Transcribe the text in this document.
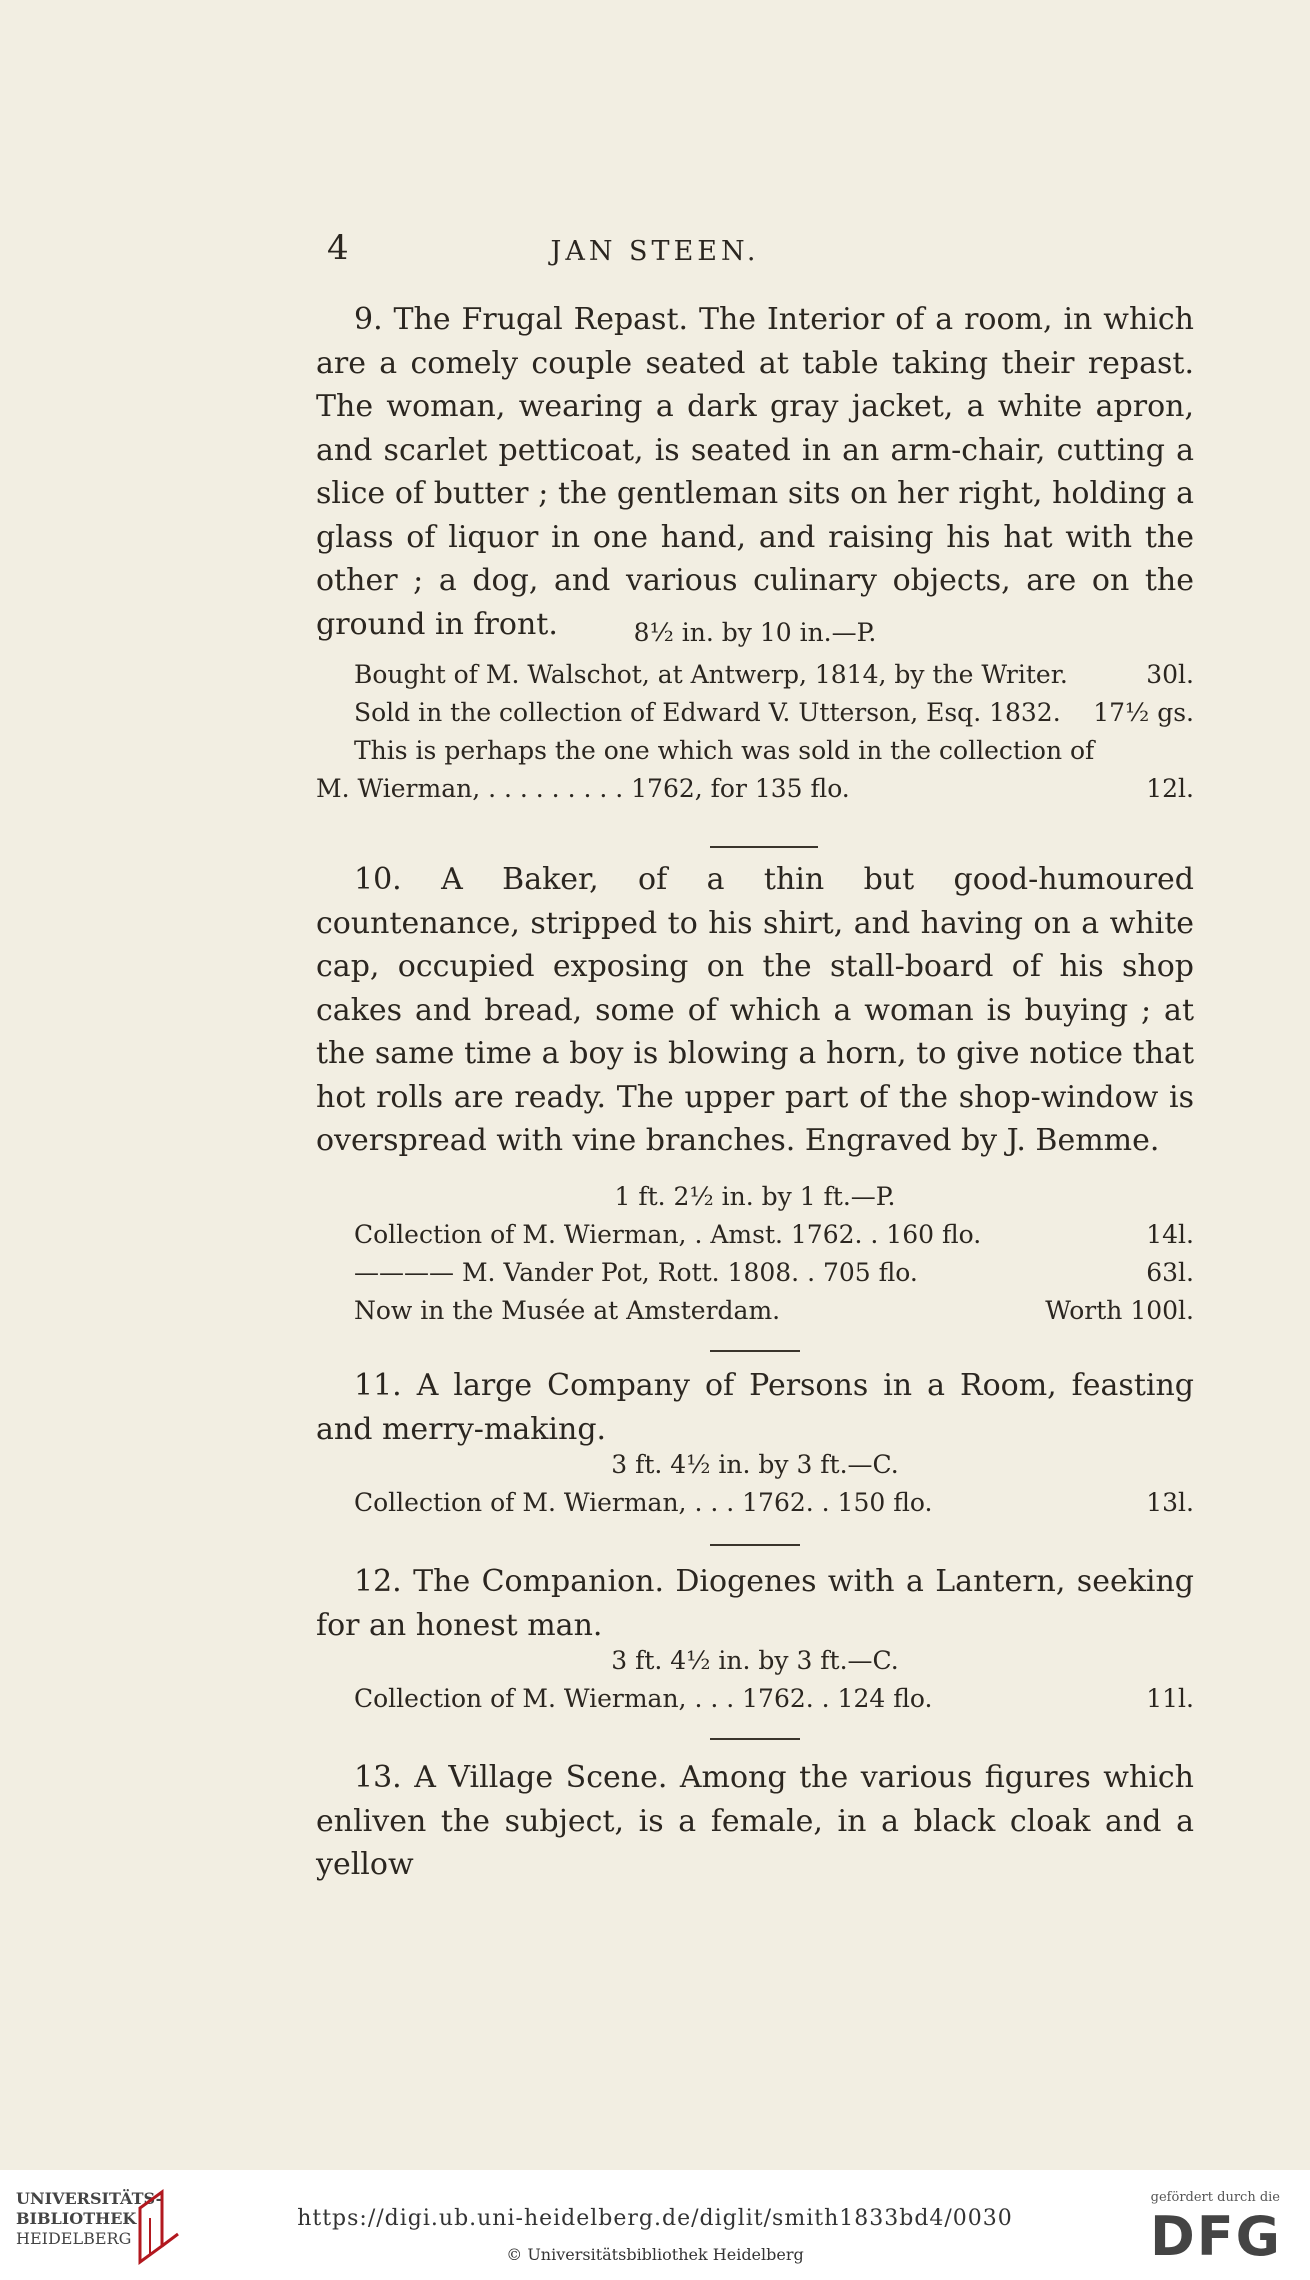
4	JAN STEEN.

9. The Frugal Repast. The Interior of a room, in which are a comely couple seated at table taking their repast. The woman, wearing a dark gray jacket, a white apron, and scarlet petticoat, is seated in an arm-chair, cutting a slice of butter ; the gentleman sits on her right, holding a glass of liquor in one hand, and raising his hat with the other ; a dog, and various culinary objects, are on the ground in front.	8½ in. by 10 in.—P.
Bought of M. Walschot, at Antwerp, 1814, by the Writer.	30l.
Sold in the collection of Edward V. Utterson, Esq. 1832. 17½ gs.
This is perhaps the one which was sold in the collection of
M. Wierman, . . . . . . . . . 1762, for 135 flo.	12l.

10. A Baker, of a thin but good-humoured countenance, stripped to his shirt, and having on a white cap, occupied exposing on the stall-board of his shop cakes and bread, some of which a woman is buying ; at the same time a boy is blowing a horn, to give notice that hot rolls are ready. The upper part of the shop-window is overspread with vine branches. Engraved by J. Bemme.

1 ft. 2½ in. by 1 ft.—P.
Collection of M. Wierman, . Amst. 1762. . 160 flo.	14l.
———— M. Vander Pot, Rott. 1808. . 705 flo.	63l.
Now in the Musée at Amsterdam.	Worth 100l.

11. A large Company of Persons in a Room, feasting and merry-making.

3 ft. 4½ in. by 3 ft.—C.
Collection of M. Wierman, . . . 1762. . 150 flo.	13l.

12. The Companion. Diogenes with a Lantern, seeking for an honest man.

3 ft. 4½ in. by 3 ft.—C.
Collection of M. Wierman, . . . 1762. . 124 flo.	11l.

13. A Village Scene. Among the various figures which enliven the subject, is a female, in a black cloak and a yellow

UNIVERSITÄTS-
BIBLIOTHEK
HEIDELBERG
https://digi.ub.uni-heidelberg.de/diglit/smith1833bd4/0030
© Universitätsbibliothek Heidelberg
gefördert durch die
DFG
